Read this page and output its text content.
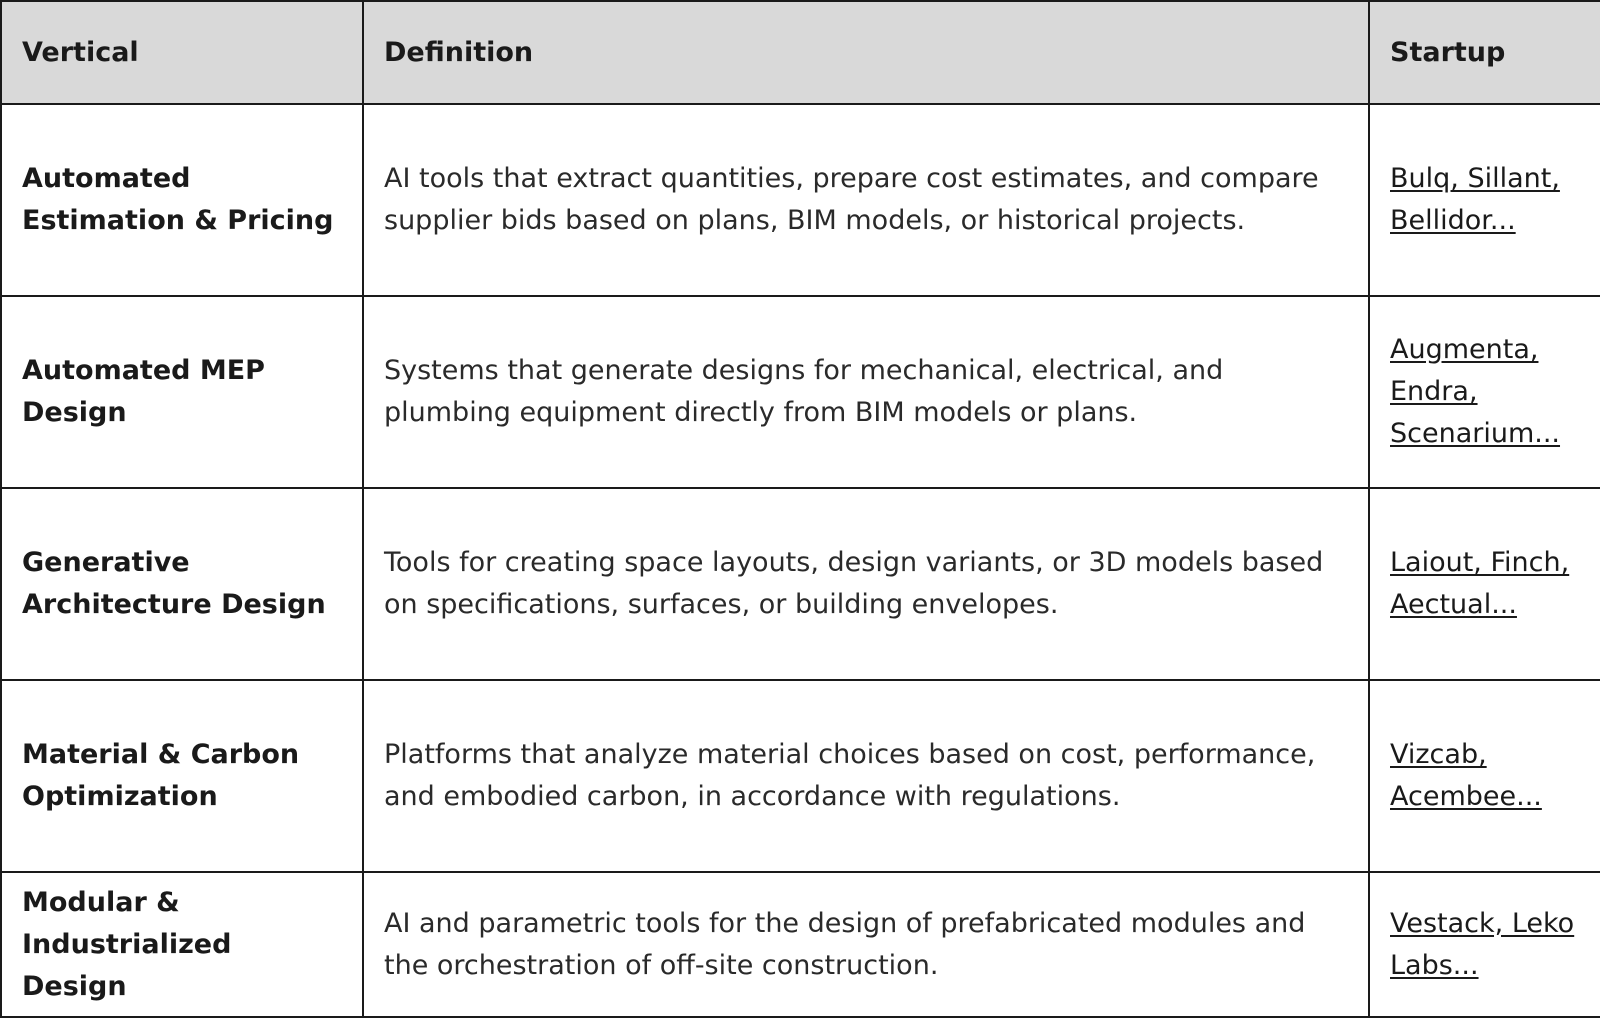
Vertical	Definition	Startup
Automated Estimation & Pricing	AI tools that extract quantities, prepare cost estimates, and compare supplier bids based on plans, BIM models, or historical projects.	Bulq, Sillant, Bellidor...
Automated MEP Design	Systems that generate designs for mechanical, electrical, and plumbing equipment directly from BIM models or plans.	Augmenta, Endra, Scenarium...
Generative Architecture Design	Tools for creating space layouts, design variants, or 3D models based on specifications, surfaces, or building envelopes.	Laiout, Finch, Aectual...
Material & Carbon Optimization	Platforms that analyze material choices based on cost, performance, and embodied carbon, in accordance with regulations.	Vizcab, Acembee...
Modular & Industrialized Design	AI and parametric tools for the design of prefabricated modules and the orchestration of off-site construction.	Vestack, Leko Labs...
